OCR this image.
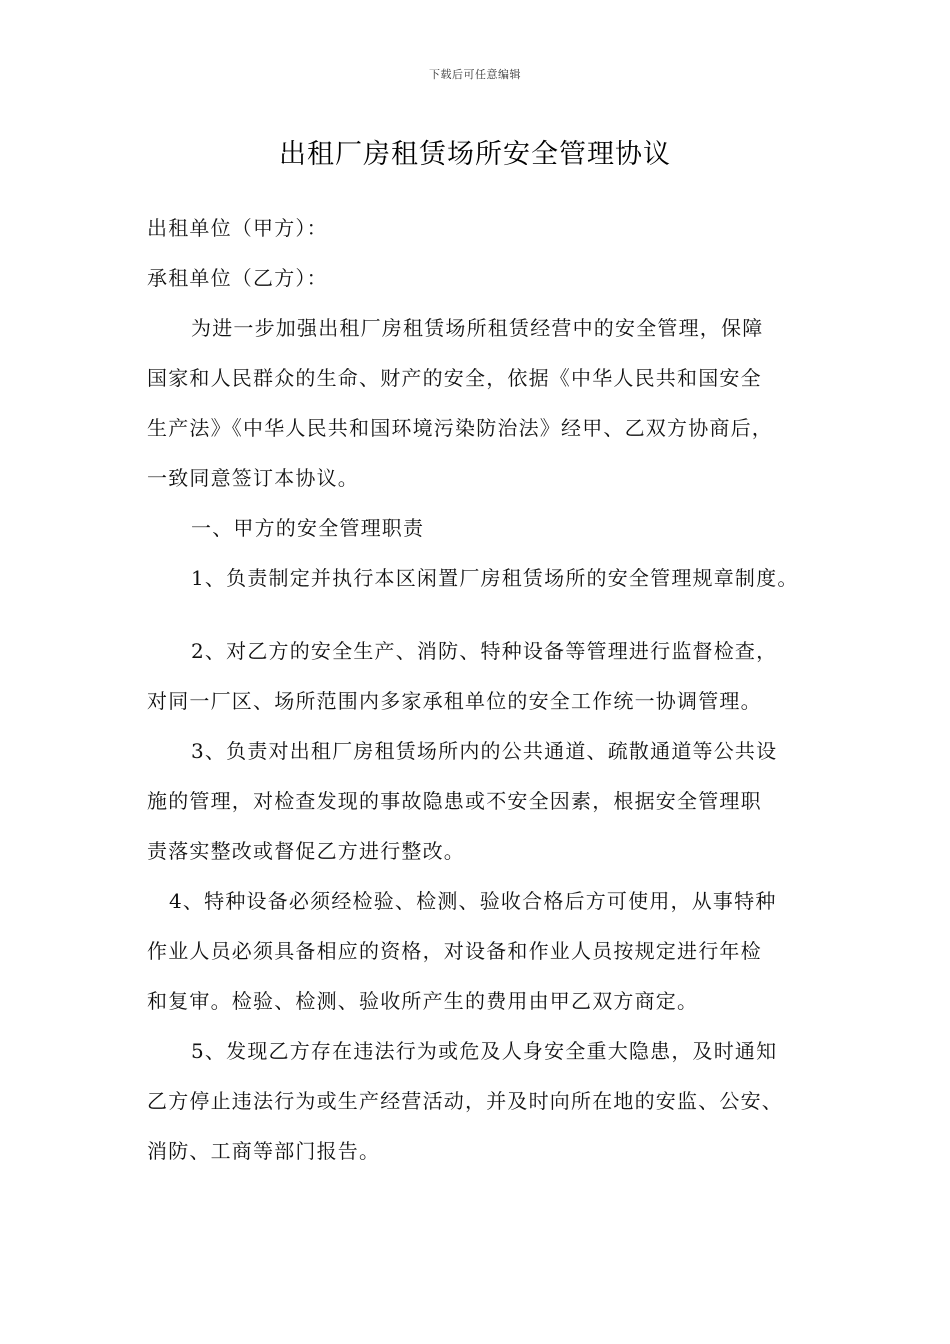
下载后可任意编辑
出租厂房租赁场所安全管理协议
出租单位（甲方）：
承租单位（乙方）：
为进一步加强出租厂房租赁场所租赁经营中的安全管理，保障
国家和人民群众的生命、财产的安全，依据《中华人民共和国安全
生产法》《中华人民共和国环境污染防治法》经甲、乙双方协商后，
一致同意签订本协议。
一、甲方的安全管理职责
1、负责制定并执行本区闲置厂房租赁场所的安全管理规章制度。
2、对乙方的安全生产、消防、特种设备等管理进行监督检查，
对同一厂区、场所范围内多家承租单位的安全工作统一协调管理。
3、负责对出租厂房租赁场所内的公共通道、疏散通道等公共设
施的管理，对检查发现的事故隐患或不安全因素，根据安全管理职
责落实整改或督促乙方进行整改。
4、特种设备必须经检验、检测、验收合格后方可使用，从事特种
作业人员必须具备相应的资格，对设备和作业人员按规定进行年检
和复审。检验、检测、验收所产生的费用由甲乙双方商定。
5、发现乙方存在违法行为或危及人身安全重大隐患，及时通知
乙方停止违法行为或生产经营活动，并及时向所在地的安监、公安、
消防、工商等部门报告。
